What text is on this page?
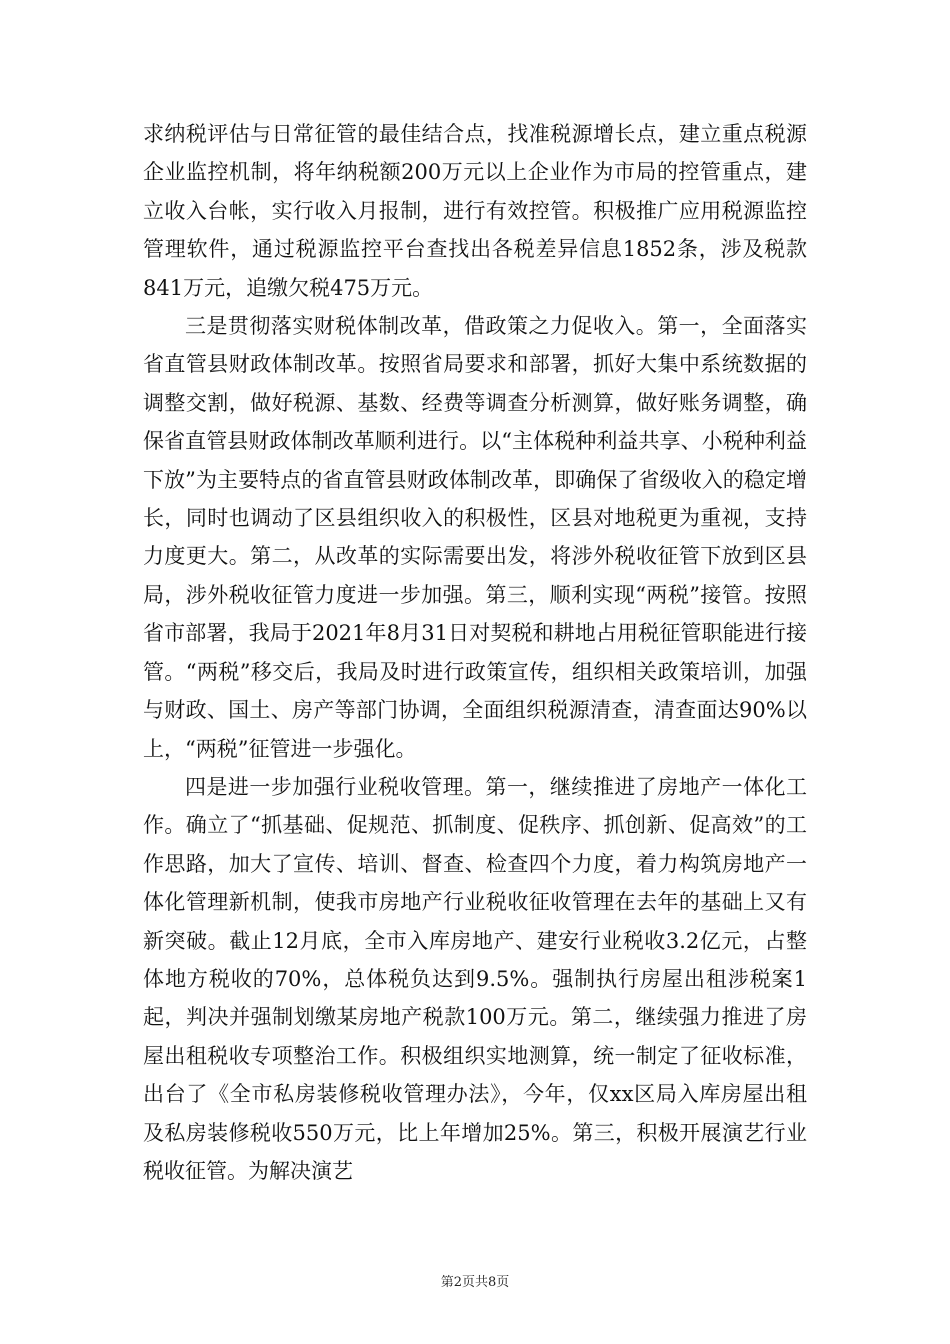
求纳税评估与日常征管的最佳结合点，找准税源增长点，建立重点税源企业监控机制，将年纳税额200万元以上企业作为市局的控管重点，建立收入台帐，实行收入月报制，进行有效控管。积极推广应用税源监控管理软件，通过税源监控平台查找出各税差异信息1852条，涉及税款841万元，追缴欠税475万元。

三是贯彻落实财税体制改革，借政策之力促收入。第一，全面落实省直管县财政体制改革。按照省局要求和部署，抓好大集中系统数据的调整交割，做好税源、基数、经费等调查分析测算，做好账务调整，确保省直管县财政体制改革顺利进行。以“主体税种利益共享、小税种利益下放”为主要特点的省直管县财政体制改革，即确保了省级收入的稳定增长，同时也调动了区县组织收入的积极性，区县对地税更为重视，支持力度更大。第二，从改革的实际需要出发，将涉外税收征管下放到区县局，涉外税收征管力度进一步加强。第三，顺利实现“两税”接管。按照省市部署，我局于2021年8月31日对契税和耕地占用税征管职能进行接管。“两税”移交后，我局及时进行政策宣传，组织相关政策培训，加强与财政、国土、房产等部门协调，全面组织税源清查，清查面达90%以上，“两税”征管进一步强化。

四是进一步加强行业税收管理。第一，继续推进了房地产一体化工作。确立了“抓基础、促规范、抓制度、促秩序、抓创新、促高效”的工作思路，加大了宣传、培训、督查、检查四个力度，着力构筑房地产一体化管理新机制，使我市房地产行业税收征收管理在去年的基础上又有新突破。截止12月底，全市入库房地产、建安行业税收3.2亿元，占整体地方税收的70%，总体税负达到9.5%。强制执行房屋出租涉税案1起，判决并强制划缴某房地产税款100万元。第二，继续强力推进了房屋出租税收专项整治工作。积极组织实地测算，统一制定了征收标准，出台了《全市私房装修税收管理办法》，今年，仅xx区局入库房屋出租及私房装修税收550万元，比上年增加25%。第三，积极开展演艺行业税收征管。为解决演艺

第2页共8页
